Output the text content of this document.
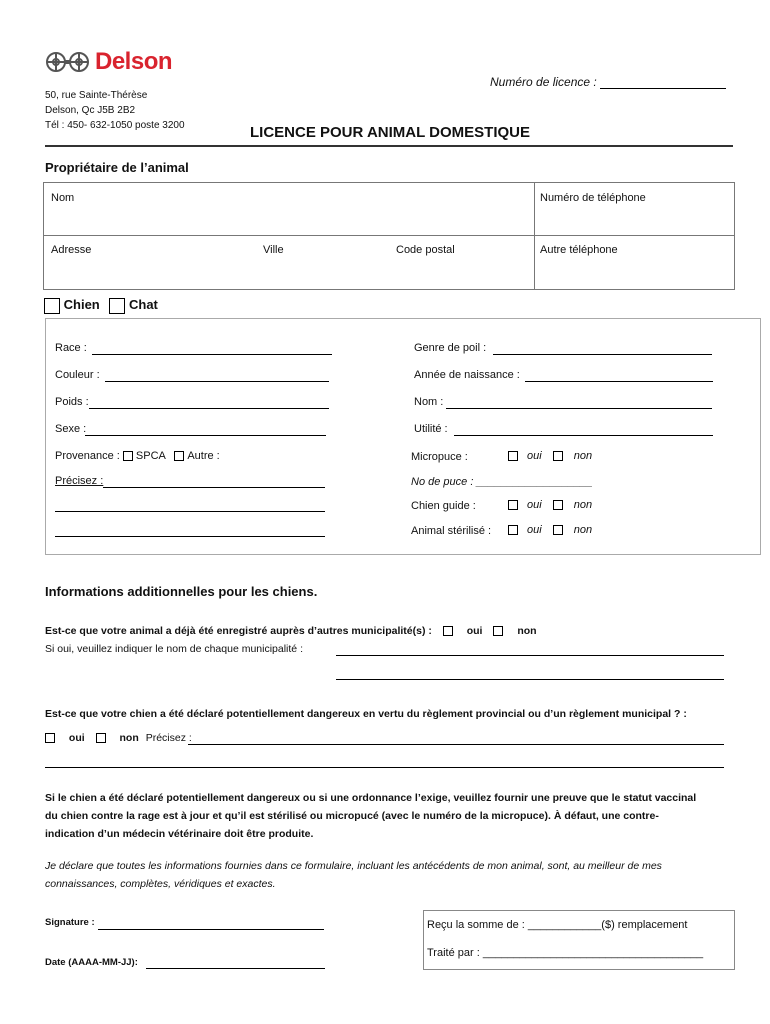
Delson
50, rue Sainte-Thérèse
Delson, Qc J5B 2B2
Tél : 450- 632-1050 poste 3200
Numéro de licence :
LICENCE POUR ANIMAL DOMESTIQUE
Propriétaire de l’animal
Nom	Numéro de téléphone
Adresse	Ville	Code postal	Autre téléphone
Chien Chat
Race :
Couleur :
Poids :
Sexe :
Provenance : SPCA Autre :
Précisez :
Genre de poil :
Année de naissance :
Nom :
Utilité :
Micropuce :	oui	non
No de puce : ___________________
Chien guide :	oui	non
Animal stérilisé :	oui	non
Informations additionnelles pour les chiens.
Est-ce que votre animal a déjà été enregistré auprès d’autres municipalité(s) :	oui	non
Si oui, veuillez indiquer le nom de chaque municipalité :
Est-ce que votre chien a été déclaré potentiellement dangereux en vertu du règlement provincial ou d’un règlement municipal ? :
oui	non Précisez :
Si le chien a été déclaré potentiellement dangereux ou si une ordonnance l’exige, veuillez fournir une preuve que le statut vaccinal
du chien contre la rage est à jour et qu’il est stérilisé ou micropucé (avec le numéro de la micropuce). À défaut, une contre-
indication d’un médecin vétérinaire doit être produite.
Je déclare que toutes les informations fournies dans ce formulaire, incluant les antécédents de mon animal, sont, au meilleur de mes
connaissances, complètes, véridiques et exactes.
Signature :
Date (AAAA-MM-JJ):
Reçu la somme de : ____________($) remplacement
Traité par : ____________________________________
